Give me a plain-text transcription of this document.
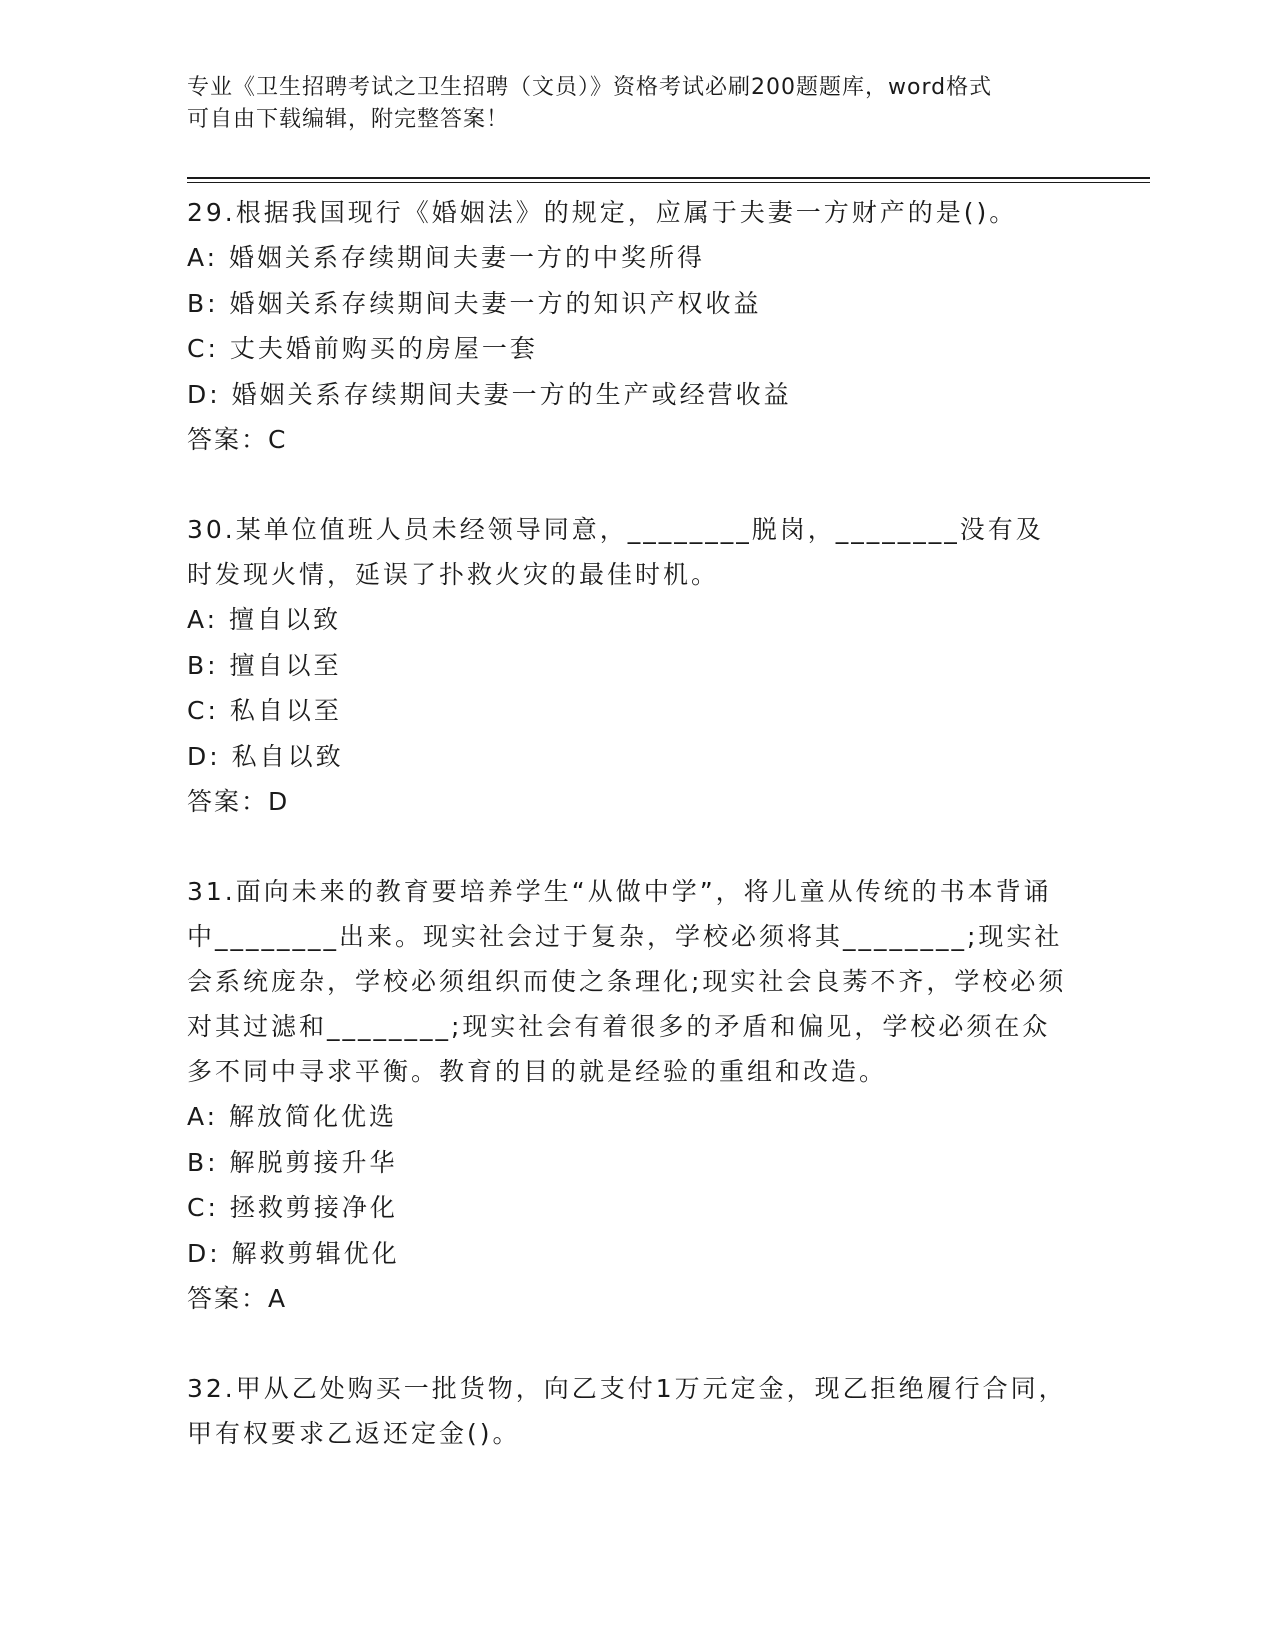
专业《卫生招聘考试之卫生招聘（文员）》资格考试必刷200题题库，word格式
可自由下载编辑，附完整答案！

29.根据我国现行《婚姻法》的规定，应属于夫妻一方财产的是()。

A: 婚姻关系存续期间夫妻一方的中奖所得

B: 婚姻关系存续期间夫妻一方的知识产权收益

C: 丈夫婚前购买的房屋一套

D: 婚姻关系存续期间夫妻一方的生产或经营收益

答案：C

30.某单位值班人员未经领导同意，________脱岗，________没有及时发现火情，延误了扑救火灾的最佳时机。

A: 擅自以致

B: 擅自以至

C: 私自以至

D: 私自以致

答案：D

31.面向未来的教育要培养学生“从做中学”，将儿童从传统的书本背诵中________出来。现实社会过于复杂，学校必须将其________;现实社会系统庞杂，学校必须组织而使之条理化;现实社会良莠不齐，学校必须对其过滤和________;现实社会有着很多的矛盾和偏见，学校必须在众多不同中寻求平衡。教育的目的就是经验的重组和改造。

A: 解放简化优选

B: 解脱剪接升华

C: 拯救剪接净化

D: 解救剪辑优化

答案：A

32.甲从乙处购买一批货物，向乙支付1万元定金，现乙拒绝履行合同，甲有权要求乙返还定金()。
